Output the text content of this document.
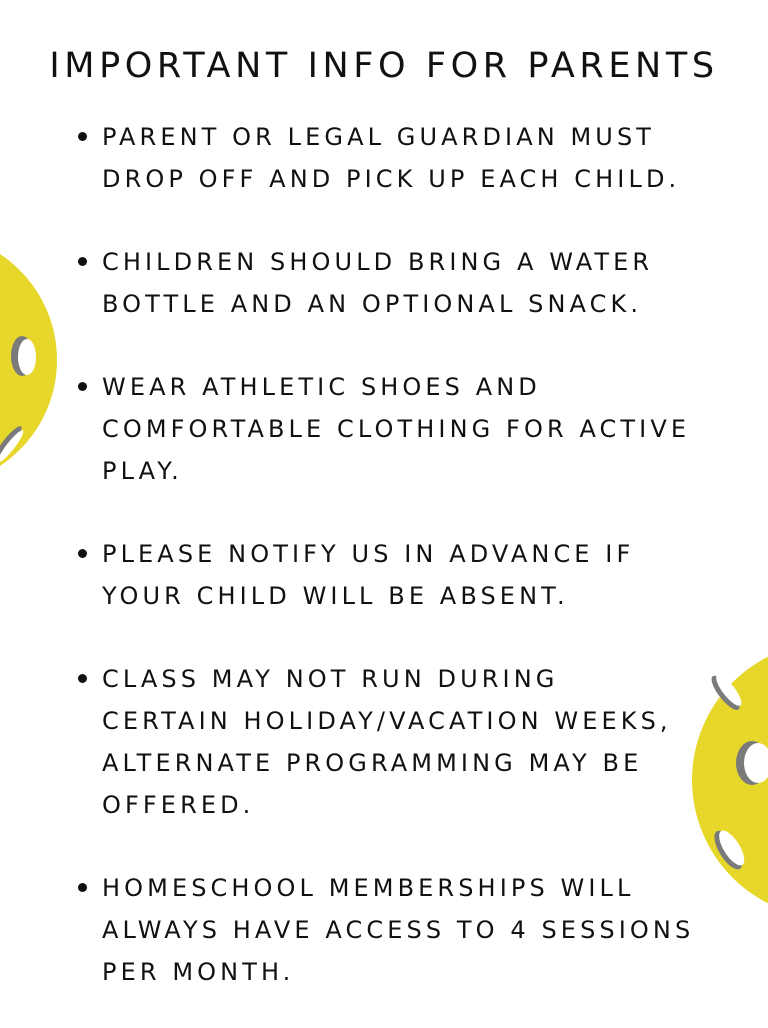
IMPORTANT INFO FOR PARENTS
PARENT OR LEGAL GUARDIAN MUST
DROP OFF AND PICK UP EACH CHILD.
CHILDREN SHOULD BRING A WATER
BOTTLE AND AN OPTIONAL SNACK.
WEAR ATHLETIC SHOES AND
COMFORTABLE CLOTHING FOR ACTIVE
PLAY.
PLEASE NOTIFY US IN ADVANCE IF
YOUR CHILD WILL BE ABSENT.
CLASS MAY NOT RUN DURING
CERTAIN HOLIDAY/VACATION WEEKS,
ALTERNATE PROGRAMMING MAY BE
OFFERED.
HOMESCHOOL MEMBERSHIPS WILL
ALWAYS HAVE ACCESS TO 4 SESSIONS
PER MONTH.
